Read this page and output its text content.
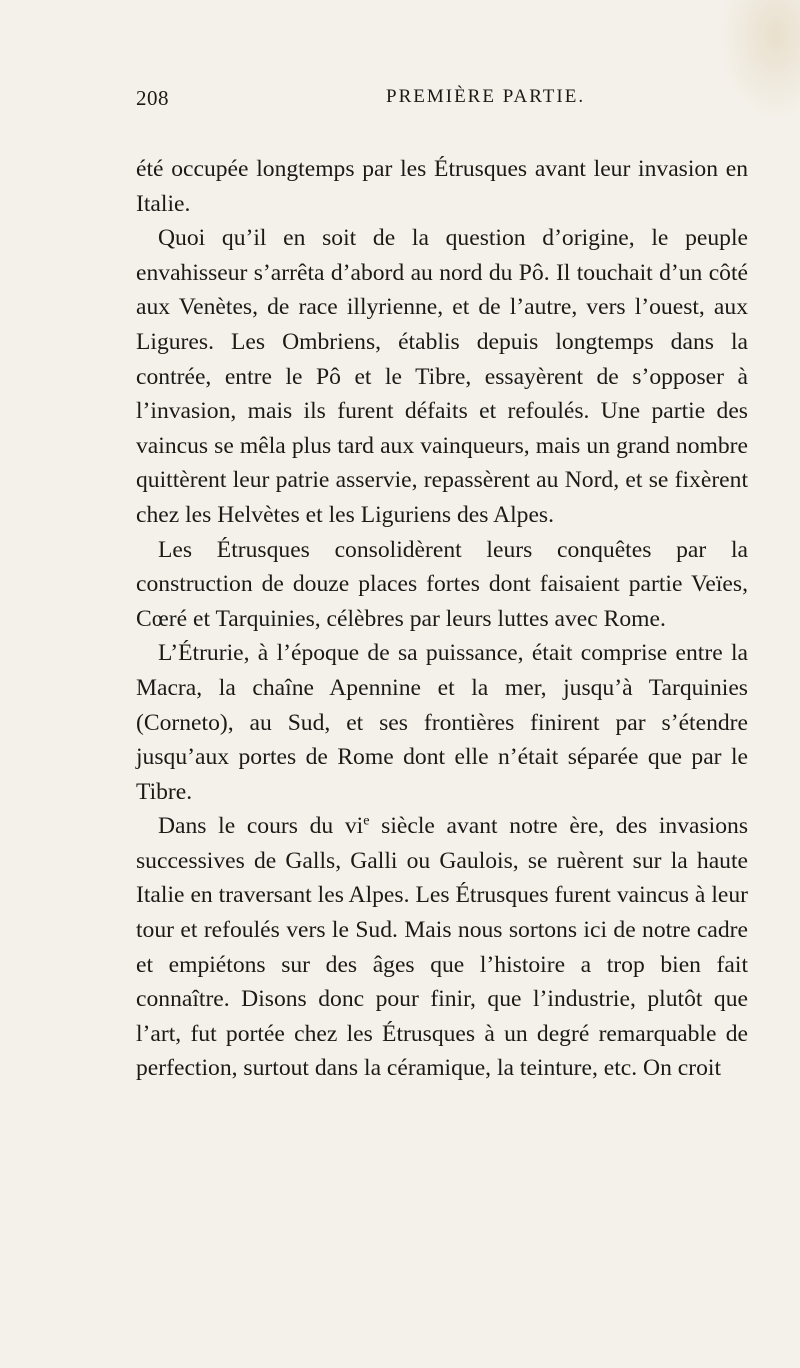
208	PREMIÈRE PARTIE.

été occupée longtemps par les Étrusques avant leur invasion en Italie.

Quoi qu’il en soit de la question d’origine, le peuple envahisseur s’arrêta d’abord au nord du Pô. Il touchait d’un côté aux Venètes, de race illyrienne, et de l’autre, vers l’ouest, aux Ligures. Les Ombriens, établis depuis longtemps dans la contrée, entre le Pô et le Tibre, essayèrent de s’opposer à l’invasion, mais ils furent défaits et refoulés. Une partie des vaincus se mêla plus tard aux vainqueurs, mais un grand nombre quittèrent leur patrie asservie, repassèrent au Nord, et se fixèrent chez les Helvètes et les Liguriens des Alpes.

Les Étrusques consolidèrent leurs conquêtes par la construction de douze places fortes dont faisaient partie Veïes, Cœré et Tarquinies, célèbres par leurs luttes avec Rome.

L’Étrurie, à l’époque de sa puissance, était comprise entre la Macra, la chaîne Apennine et la mer, jusqu’à Tarquinies (Corneto), au Sud, et ses frontières finirent par s’étendre jusqu’aux portes de Rome dont elle n’était séparée que par le Tibre.

Dans le cours du $vi^e$ siècle avant notre ère, des invasions successives de Galls, Galli ou Gaulois, se ruèrent sur la haute Italie en traversant les Alpes. Les Étrusques furent vaincus à leur tour et refoulés vers le Sud. Mais nous sortons ici de notre cadre et empiétons sur des âges que l’histoire a trop bien fait connaître. Disons donc pour finir, que l’industrie, plutôt que l’art, fut portée chez les Étrusques à un degré remarquable de perfection, surtout dans la céramique, la teinture, etc. On croit
